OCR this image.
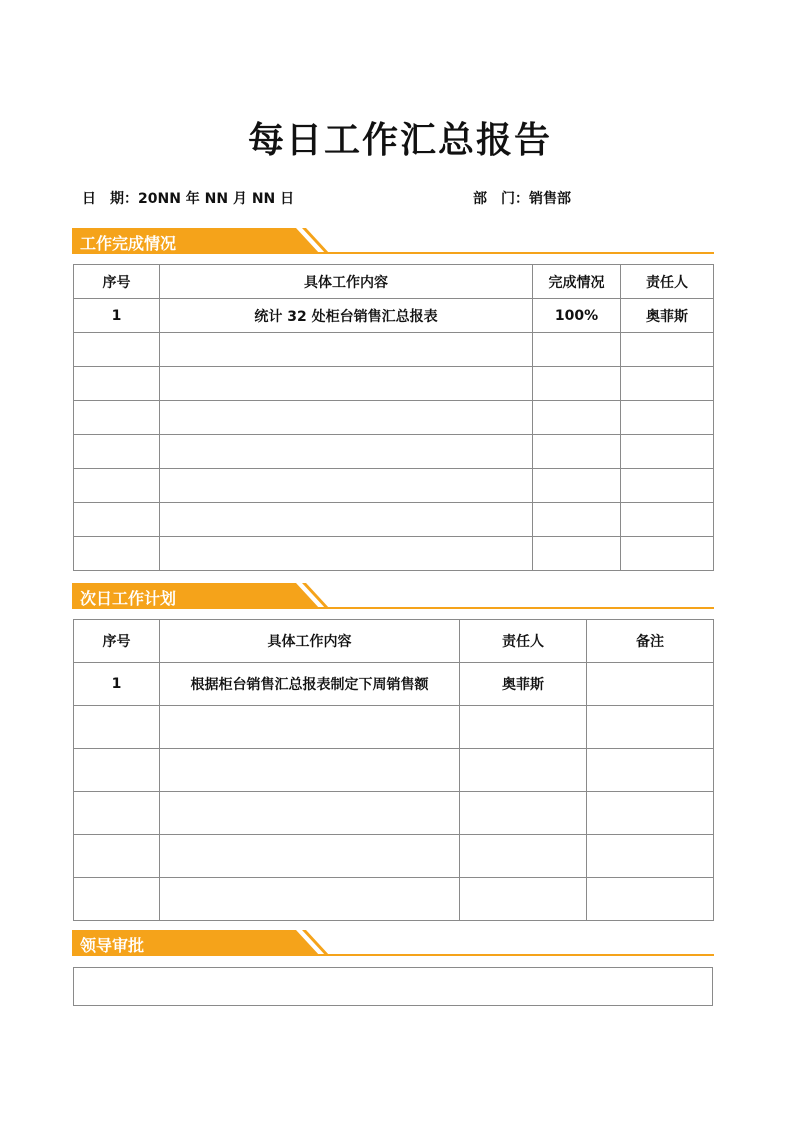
每日工作汇总报告
日　期：20NN 年 NN 月 NN 日	部　门：销售部
工作完成情况
序号	具体工作内容	完成情况	责任人
1	统计 32 处柜台销售汇总报表	100%	奥菲斯

次日工作计划
序号	具体工作内容	责任人	备注
1	根据柜台销售汇总报表制定下周销售额	奥菲斯	

领导审批
